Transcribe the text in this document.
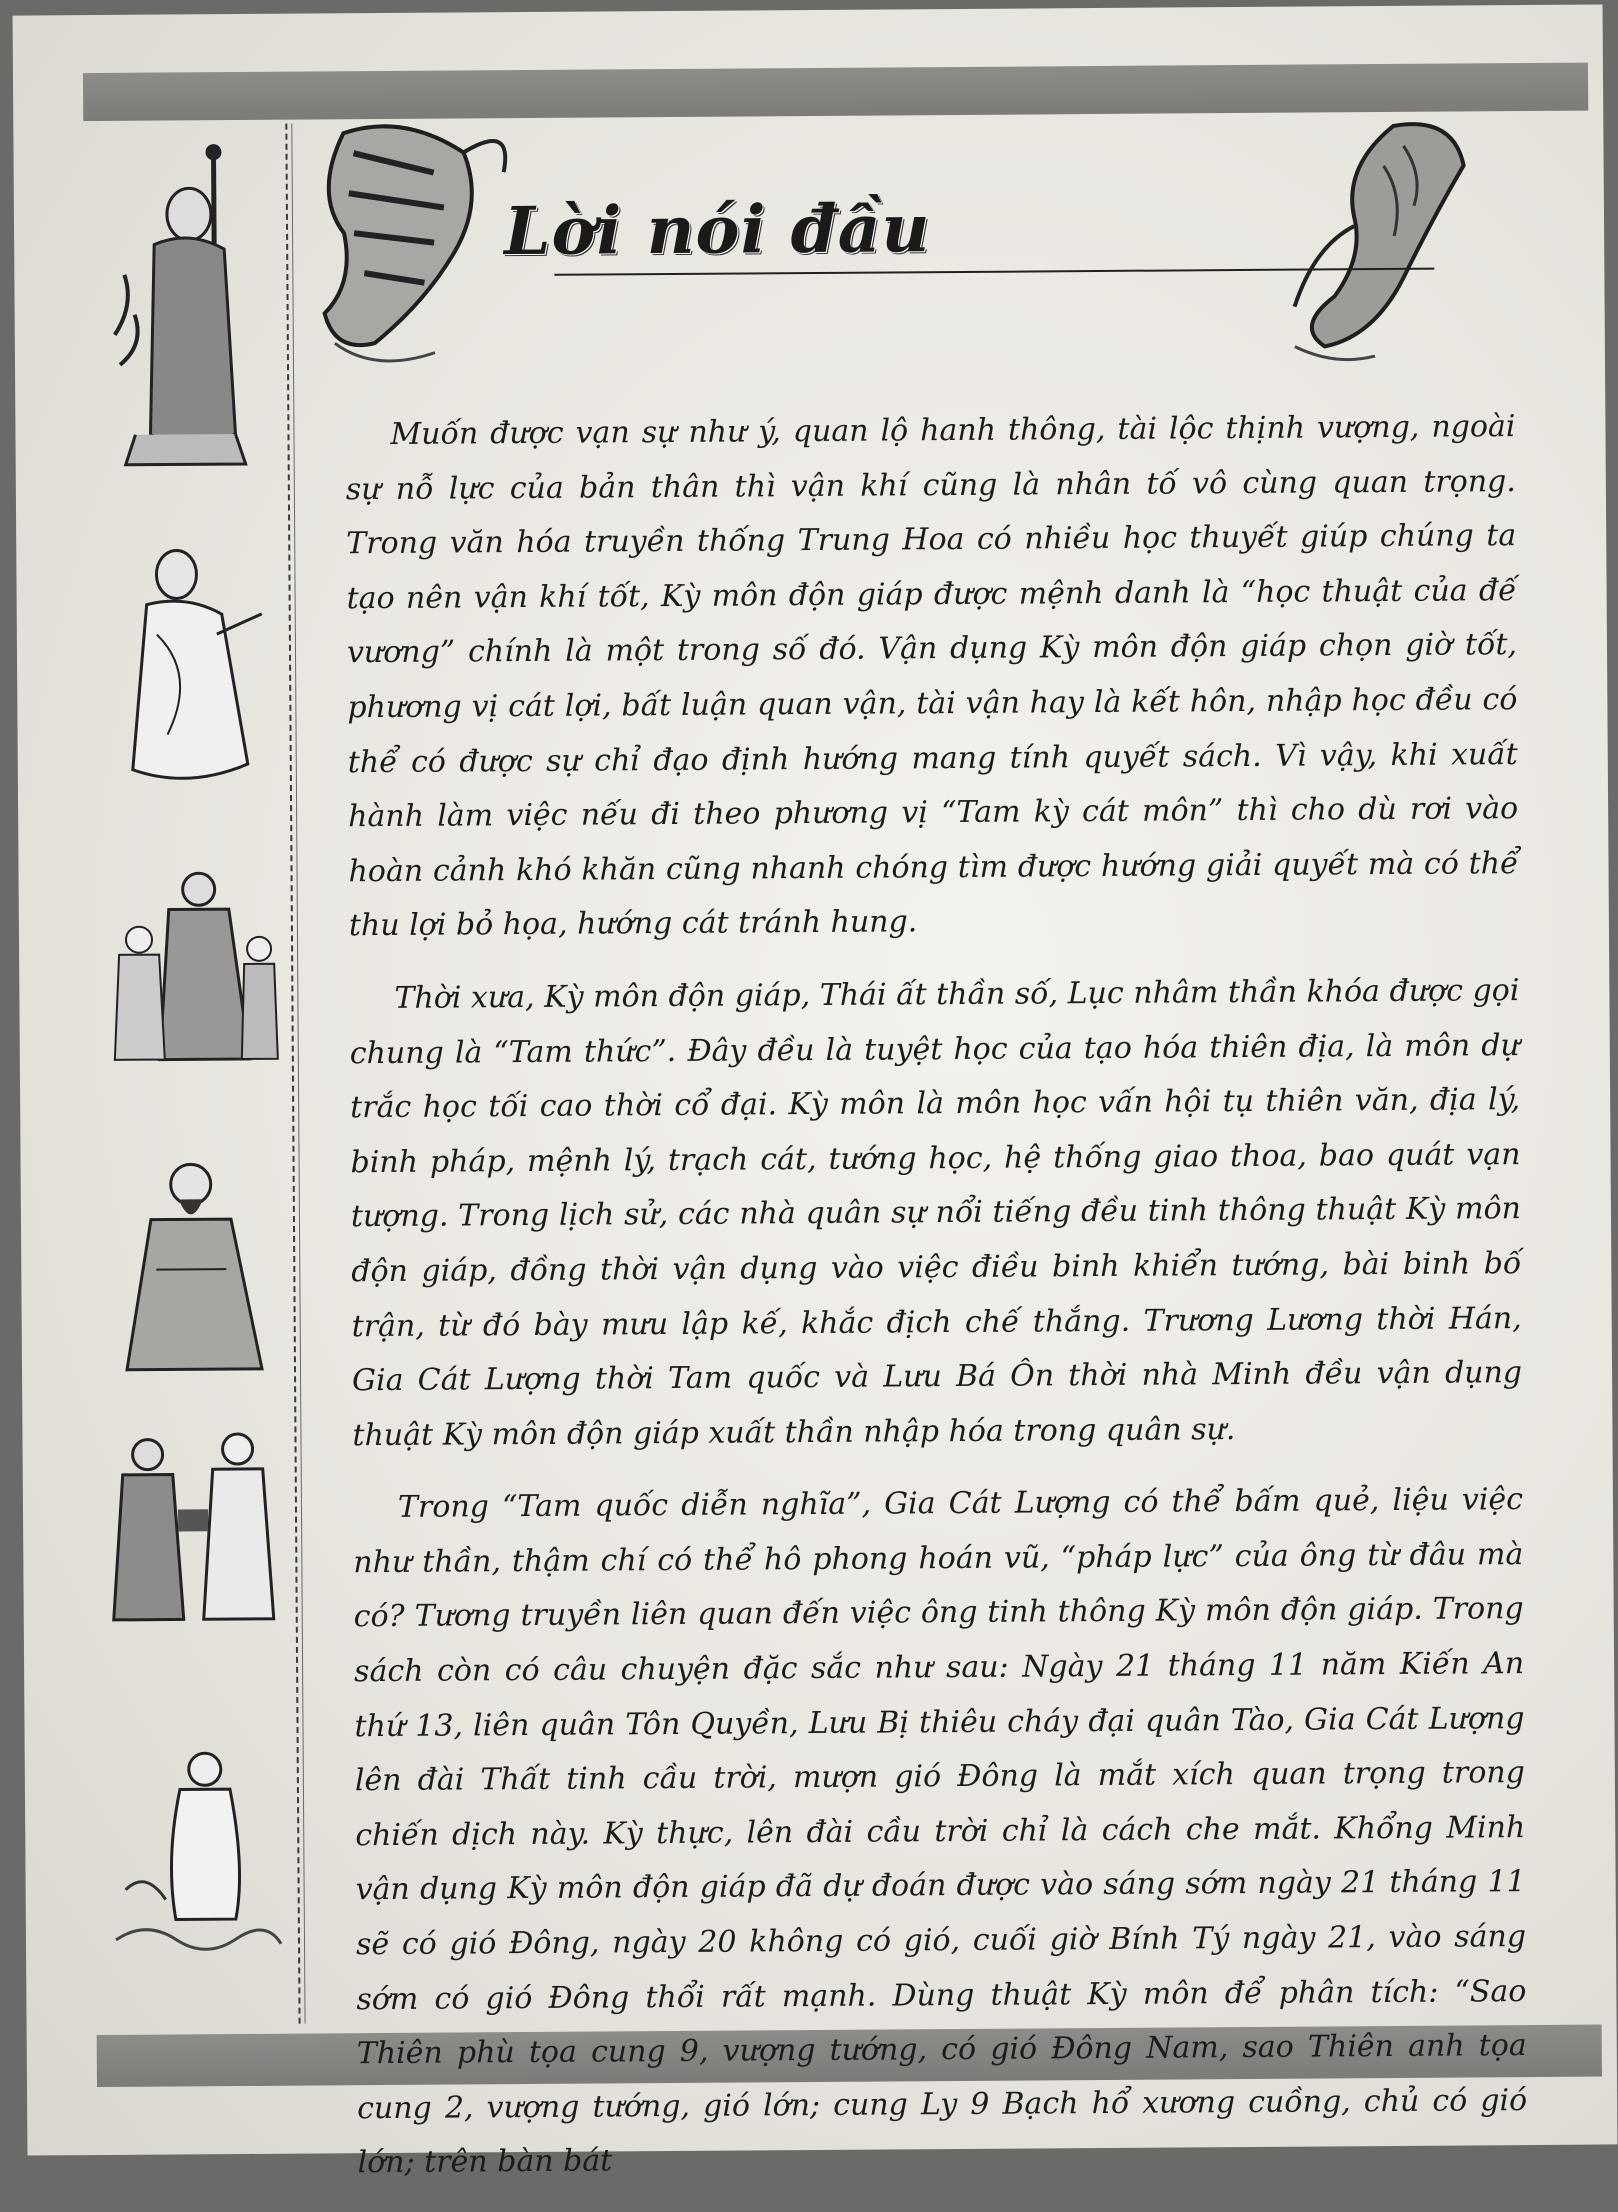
Lời nói đầu

Muốn được vạn sự như ý, quan lộ hanh thông, tài lộc thịnh vượng, ngoài sự nỗ lực của bản thân thì vận khí cũng là nhân tố vô cùng quan trọng. Trong văn hóa truyền thống Trung Hoa có nhiều học thuyết giúp chúng ta tạo nên vận khí tốt, Kỳ môn độn giáp được mệnh danh là “học thuật của đế vương” chính là một trong số đó. Vận dụng Kỳ môn độn giáp chọn giờ tốt, phương vị cát lợi, bất luận quan vận, tài vận hay là kết hôn, nhập học đều có thể có được sự chỉ đạo định hướng mang tính quyết sách. Vì vậy, khi xuất hành làm việc nếu đi theo phương vị “Tam kỳ cát môn” thì cho dù rơi vào hoàn cảnh khó khăn cũng nhanh chóng tìm được hướng giải quyết mà có thể thu lợi bỏ họa, hướng cát tránh hung.

Thời xưa, Kỳ môn độn giáp, Thái ất thần số, Lục nhâm thần khóa được gọi chung là “Tam thức”. Đây đều là tuyệt học của tạo hóa thiên địa, là môn dự trắc học tối cao thời cổ đại. Kỳ môn là môn học vấn hội tụ thiên văn, địa lý, binh pháp, mệnh lý, trạch cát, tướng học, hệ thống giao thoa, bao quát vạn tượng. Trong lịch sử, các nhà quân sự nổi tiếng đều tinh thông thuật Kỳ môn độn giáp, đồng thời vận dụng vào việc điều binh khiển tướng, bài binh bố trận, từ đó bày mưu lập kế, khắc địch chế thắng. Trương Lương thời Hán, Gia Cát Lượng thời Tam quốc và Lưu Bá Ôn thời nhà Minh đều vận dụng thuật Kỳ môn độn giáp xuất thần nhập hóa trong quân sự.

Trong “Tam quốc diễn nghĩa”, Gia Cát Lượng có thể bấm quẻ, liệu việc như thần, thậm chí có thể hô phong hoán vũ, “pháp lực” của ông từ đâu mà có? Tương truyền liên quan đến việc ông tinh thông Kỳ môn độn giáp. Trong sách còn có câu chuyện đặc sắc như sau: Ngày 21 tháng 11 năm Kiến An thứ 13, liên quân Tôn Quyền, Lưu Bị thiêu cháy đại quân Tào, Gia Cát Lượng lên đài Thất tinh cầu trời, mượn gió Đông là mắt xích quan trọng trong chiến dịch này. Kỳ thực, lên đài cầu trời chỉ là cách che mắt. Khổng Minh vận dụng Kỳ môn độn giáp đã dự đoán được vào sáng sớm ngày 21 tháng 11 sẽ có gió Đông, ngày 20 không có gió, cuối giờ Bính Tý ngày 21, vào sáng sớm có gió Đông thổi rất mạnh. Dùng thuật Kỳ môn để phân tích: “Sao Thiên phù tọa cung 9, vượng tướng, có gió Đông Nam, sao Thiên anh tọa cung 2, vượng tướng, gió lớn; cung Ly 9 Bạch hổ xương cuồng, chủ có gió lớn; trên bàn bát
